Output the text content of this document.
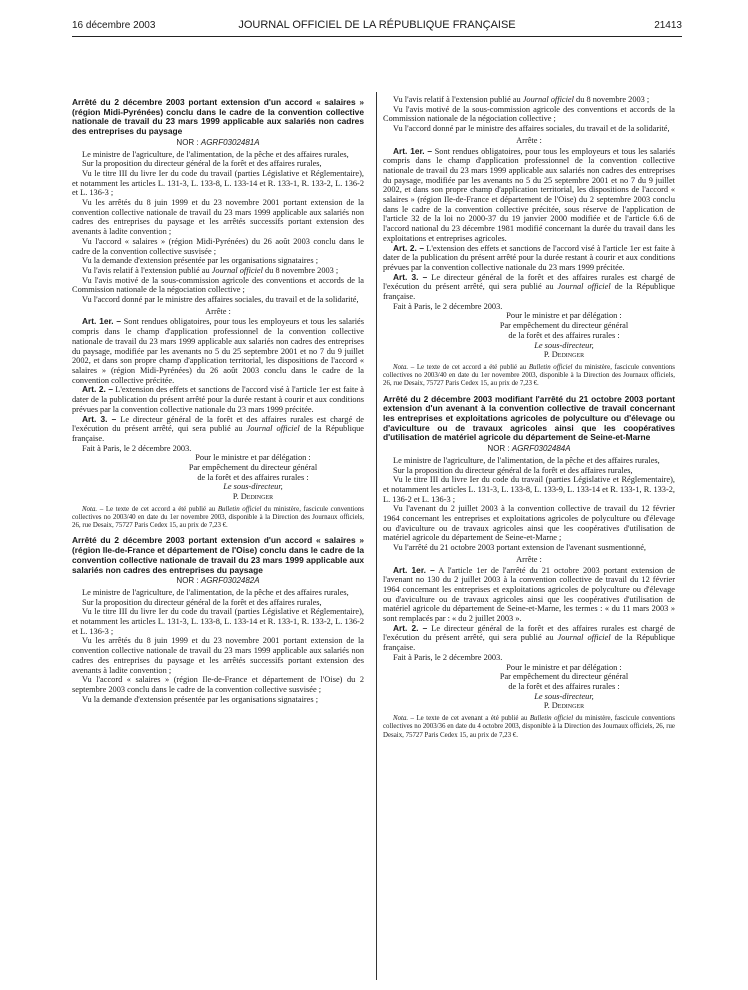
16 décembre 2003	JOURNAL OFFICIEL DE LA RÉPUBLIQUE FRANÇAISE	21413
Arrêté du 2 décembre 2003 portant extension d'un accord « salaires » (région Midi-Pyrénées) conclu dans le cadre de la convention collective nationale de travail du 23 mars 1999 applicable aux salariés non cadres des entreprises du paysage
NOR : AGRF0302481A

Le ministre de l'agriculture, de l'alimentation, de la pêche et des affaires rurales,

Sur la proposition du directeur général de la forêt et des affaires rurales,

Vu le titre III du livre Ier du code du travail (parties Législative et Réglementaire), et notamment les articles L. 131-3, L. 133-8, L. 133-14 et R. 133-1, R. 133-2, L. 136-2 et L. 136-3 ;

Vu les arrêtés du 8 juin 1999 et du 23 novembre 2001 portant extension de la convention collective nationale de travail du 23 mars 1999 applicable aux salariés non cadres des entreprises du paysage et les arrêtés successifs portant extension des avenants à ladite convention ;

Vu l'accord « salaires » (région Midi-Pyrénées) du 26 août 2003 conclu dans le cadre de la convention collective susvisée ;

Vu la demande d'extension présentée par les organisations signataires ;

Vu l'avis relatif à l'extension publié au Journal officiel du 8 novembre 2003 ;

Vu l'avis motivé de la sous-commission agricole des conventions et accords de la Commission nationale de la négociation collective ;

Vu l'accord donné par le ministre des affaires sociales, du travail et de la solidarité,

Arrête :

Art. 1er. – Sont rendues obligatoires, pour tous les employeurs et tous les salariés compris dans le champ d'application professionnel de la convention collective nationale de travail du 23 mars 1999 applicable aux salariés non cadres des entreprises du paysage, modifiée par les avenants no 5 du 25 septembre 2001 et no 7 du 9 juillet 2002, et dans son propre champ d'application territorial, les dispositions de l'accord « salaires » (région Midi-Pyrénées) du 26 août 2003 conclu dans le cadre de la convention collective précitée.

Art. 2. – L'extension des effets et sanctions de l'accord visé à l'article 1er est faite à dater de la publication du présent arrêté pour la durée restant à courir et aux conditions prévues par la convention collective nationale du 23 mars 1999 précitée.

Art. 3. – Le directeur général de la forêt et des affaires rurales est chargé de l'exécution du présent arrêté, qui sera publié au Journal officiel de la République française.

Fait à Paris, le 2 décembre 2003.

Pour le ministre et par délégation :
Par empêchement du directeur général
de la forêt et des affaires rurales :
Le sous-directeur,
P. Dedinger

Nota. – Le texte de cet accord a été publié au Bulletin officiel du ministère, fascicule conventions collectives no 2003/40 en date du 1er novembre 2003, disponible à la Direction des Journaux officiels, 26, rue Desaix, 75727 Paris Cedex 15, au prix de 7,23 €.

Arrêté du 2 décembre 2003 portant extension d'un accord « salaires » (région Ile-de-France et département de l'Oise) conclu dans le cadre de la convention collective nationale de travail du 23 mars 1999 applicable aux salariés non cadres des entreprises du paysage
NOR : AGRF0302482A

Le ministre de l'agriculture, de l'alimentation, de la pêche et des affaires rurales,

Sur la proposition du directeur général de la forêt et des affaires rurales,

Vu le titre III du livre Ier du code du travail (parties Législative et Réglementaire), et notamment les articles L. 131-3, L. 133-8, L. 133-14 et R. 133-1, R. 133-2, L. 136-2 et L. 136-3 ;

Vu les arrêtés du 8 juin 1999 et du 23 novembre 2001 portant extension de la convention collective nationale de travail du 23 mars 1999 applicable aux salariés non cadres des entreprises du paysage et les arrêtés successifs portant extension des avenants à ladite convention ;

Vu l'accord « salaires » (région Ile-de-France et département de l'Oise) du 2 septembre 2003 conclu dans le cadre de la convention collective susvisée ;

Vu la demande d'extension présentée par les organisations signataires ;

Vu l'avis relatif à l'extension publié au Journal officiel du 8 novembre 2003 ;

Vu l'avis motivé de la sous-commission agricole des conventions et accords de la Commission nationale de la négociation collective ;

Vu l'accord donné par le ministre des affaires sociales, du travail et de la solidarité,

Arrête :

Art. 1er. – Sont rendues obligatoires, pour tous les employeurs et tous les salariés compris dans le champ d'application professionnel de la convention collective nationale de travail du 23 mars 1999 applicable aux salariés non cadres des entreprises du paysage, modifiée par les avenants no 5 du 25 septembre 2001 et no 7 du 9 juillet 2002, et dans son propre champ d'application territorial, les dispositions de l'accord « salaires » (région Ile-de-France et département de l'Oise) du 2 septembre 2003 conclu dans le cadre de la convention collective précitée, sous réserve de l'application de l'article 32 de la loi no 2000-37 du 19 janvier 2000 modifiée et de l'article 6.6 de l'accord national du 23 décembre 1981 modifié concernant la durée du travail dans les exploitations et entreprises agricoles.

Art. 2. – L'extension des effets et sanctions de l'accord visé à l'article 1er est faite à dater de la publication du présent arrêté pour la durée restant à courir et aux conditions prévues par la convention collective nationale du 23 mars 1999 précitée.

Art. 3. – Le directeur général de la forêt et des affaires rurales est chargé de l'exécution du présent arrêté, qui sera publié au Journal officiel de la République française.

Fait à Paris, le 2 décembre 2003.

Pour le ministre et par délégation :
Par empêchement du directeur général
de la forêt et des affaires rurales :
Le sous-directeur,
P. Dedinger

Nota. – Le texte de cet accord a été publié au Bulletin officiel du ministère, fascicule conventions collectives no 2003/40 en date du 1er novembre 2003, disponible à la Direction des Journaux officiels, 26, rue Desaix, 75727 Paris Cedex 15, au prix de 7,23 €.

Arrêté du 2 décembre 2003 modifiant l'arrêté du 21 octobre 2003 portant extension d'un avenant à la convention collective de travail concernant les entreprises et exploitations agricoles de polyculture ou d'élevage ou d'aviculture ou de travaux agricoles ainsi que les coopératives d'utilisation de matériel agricole du département de Seine-et-Marne
NOR : AGRF0302484A

Le ministre de l'agriculture, de l'alimentation, de la pêche et des affaires rurales,

Sur la proposition du directeur général de la forêt et des affaires rurales,

Vu le titre III du livre Ier du code du travail (parties Législative et Réglementaire), et notamment les articles L. 131-3, L. 133-8, L. 133-9, L. 133-14 et R. 133-1, R. 133-2, L. 136-2 et L. 136-3 ;

Vu l'avenant du 2 juillet 2003 à la convention collective de travail du 12 février 1964 concernant les entreprises et exploitations agricoles de polyculture ou d'élevage ou d'aviculture ou de travaux agricoles ainsi que les coopératives d'utilisation de matériel agricole du département de Seine-et-Marne ;

Vu l'arrêté du 21 octobre 2003 portant extension de l'avenant susmentionné,

Arrête :

Art. 1er. – A l'article 1er de l'arrêté du 21 octobre 2003 portant extension de l'avenant no 130 du 2 juillet 2003 à la convention collective de travail du 12 février 1964 concernant les entreprises et exploitations agricoles de polyculture ou d'élevage ou d'aviculture ou de travaux agricoles ainsi que les coopératives d'utilisation de matériel agricole du département de Seine-et-Marne, les termes : « du 11 mars 2003 » sont remplacés par : « du 2 juillet 2003 ».

Art. 2. – Le directeur général de la forêt et des affaires rurales est chargé de l'exécution du présent arrêté, qui sera publié au Journal officiel de la République française.

Fait à Paris, le 2 décembre 2003.

Pour le ministre et par délégation :
Par empêchement du directeur général
de la forêt et des affaires rurales :
Le sous-directeur,
P. Dedinger

Nota. – Le texte de cet avenant a été publié au Bulletin officiel du ministère, fascicule conventions collectives no 2003/36 en date du 4 octobre 2003, disponible à la Direction des Journaux officiels, 26, rue Desaix, 75727 Paris Cedex 15, au prix de 7,23 €.
